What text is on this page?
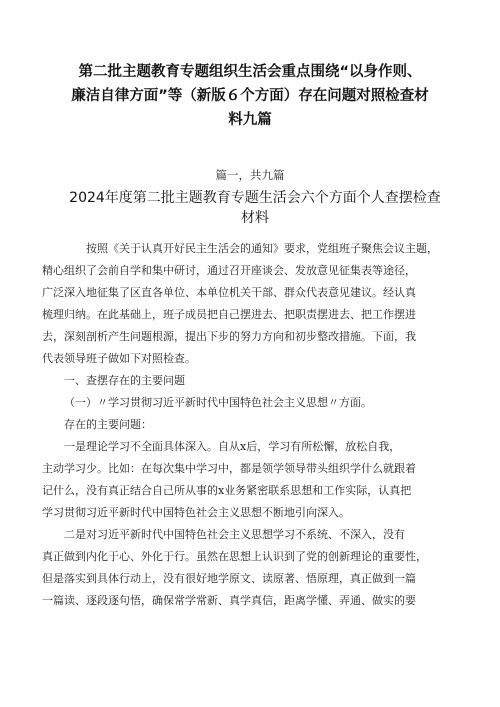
第二批主题教育专题组织生活会重点围绕“以身作则、
廉洁自律方面”等（新版６个方面）存在问题对照检查材
料九篇
篇一，共九篇
2024年度第二批主题教育专题生活会六个方面个人查摆检查
材料

按照《关于认真开好民主生活会的通知》要求，党组班子聚焦会议主题，
精心组织了会前自学和集中研讨，通过召开座谈会、发放意见征集表等途径，
广泛深入地征集了区直各单位、本单位机关干部、群众代表意见建议。经认真
梳理归纳。在此基础上，班子成员把自己摆进去、把职责摆进去、把工作摆进
去，深刻剖析产生问题根源，提出下步的努力方向和初步整改措施。下面，我
代表领导班子做如下对照检查。

一、查摆存在的主要问题

（一）〃学习贯彻习近平新时代中国特色社会主义思想〃方面。

存在的主要问题：

一是理论学习不全面具体深入。自从x后，学习有所松懈，放松自我，
主动学习少。比如：在每次集中学习中，都是领学领导带头组织学什么就跟着
记什么，没有真正结合自己所从事的x业务紧密联系思想和工作实际，认真把
学习贯彻习近平新时代中国特色社会主义思想不断地引向深入。

二是对习近平新时代中国特色社会主义思想学习不系统、不深入，没有
真正做到内化于心、外化于行。虽然在思想上认识到了党的创新理论的重要性，
但是落实到具体行动上，没有很好地学原文、读原著、悟原理，真正做到一篇
一篇读、逐段逐句悟，确保常学常新、真学真信，距离学懂、弄通、做实的要
